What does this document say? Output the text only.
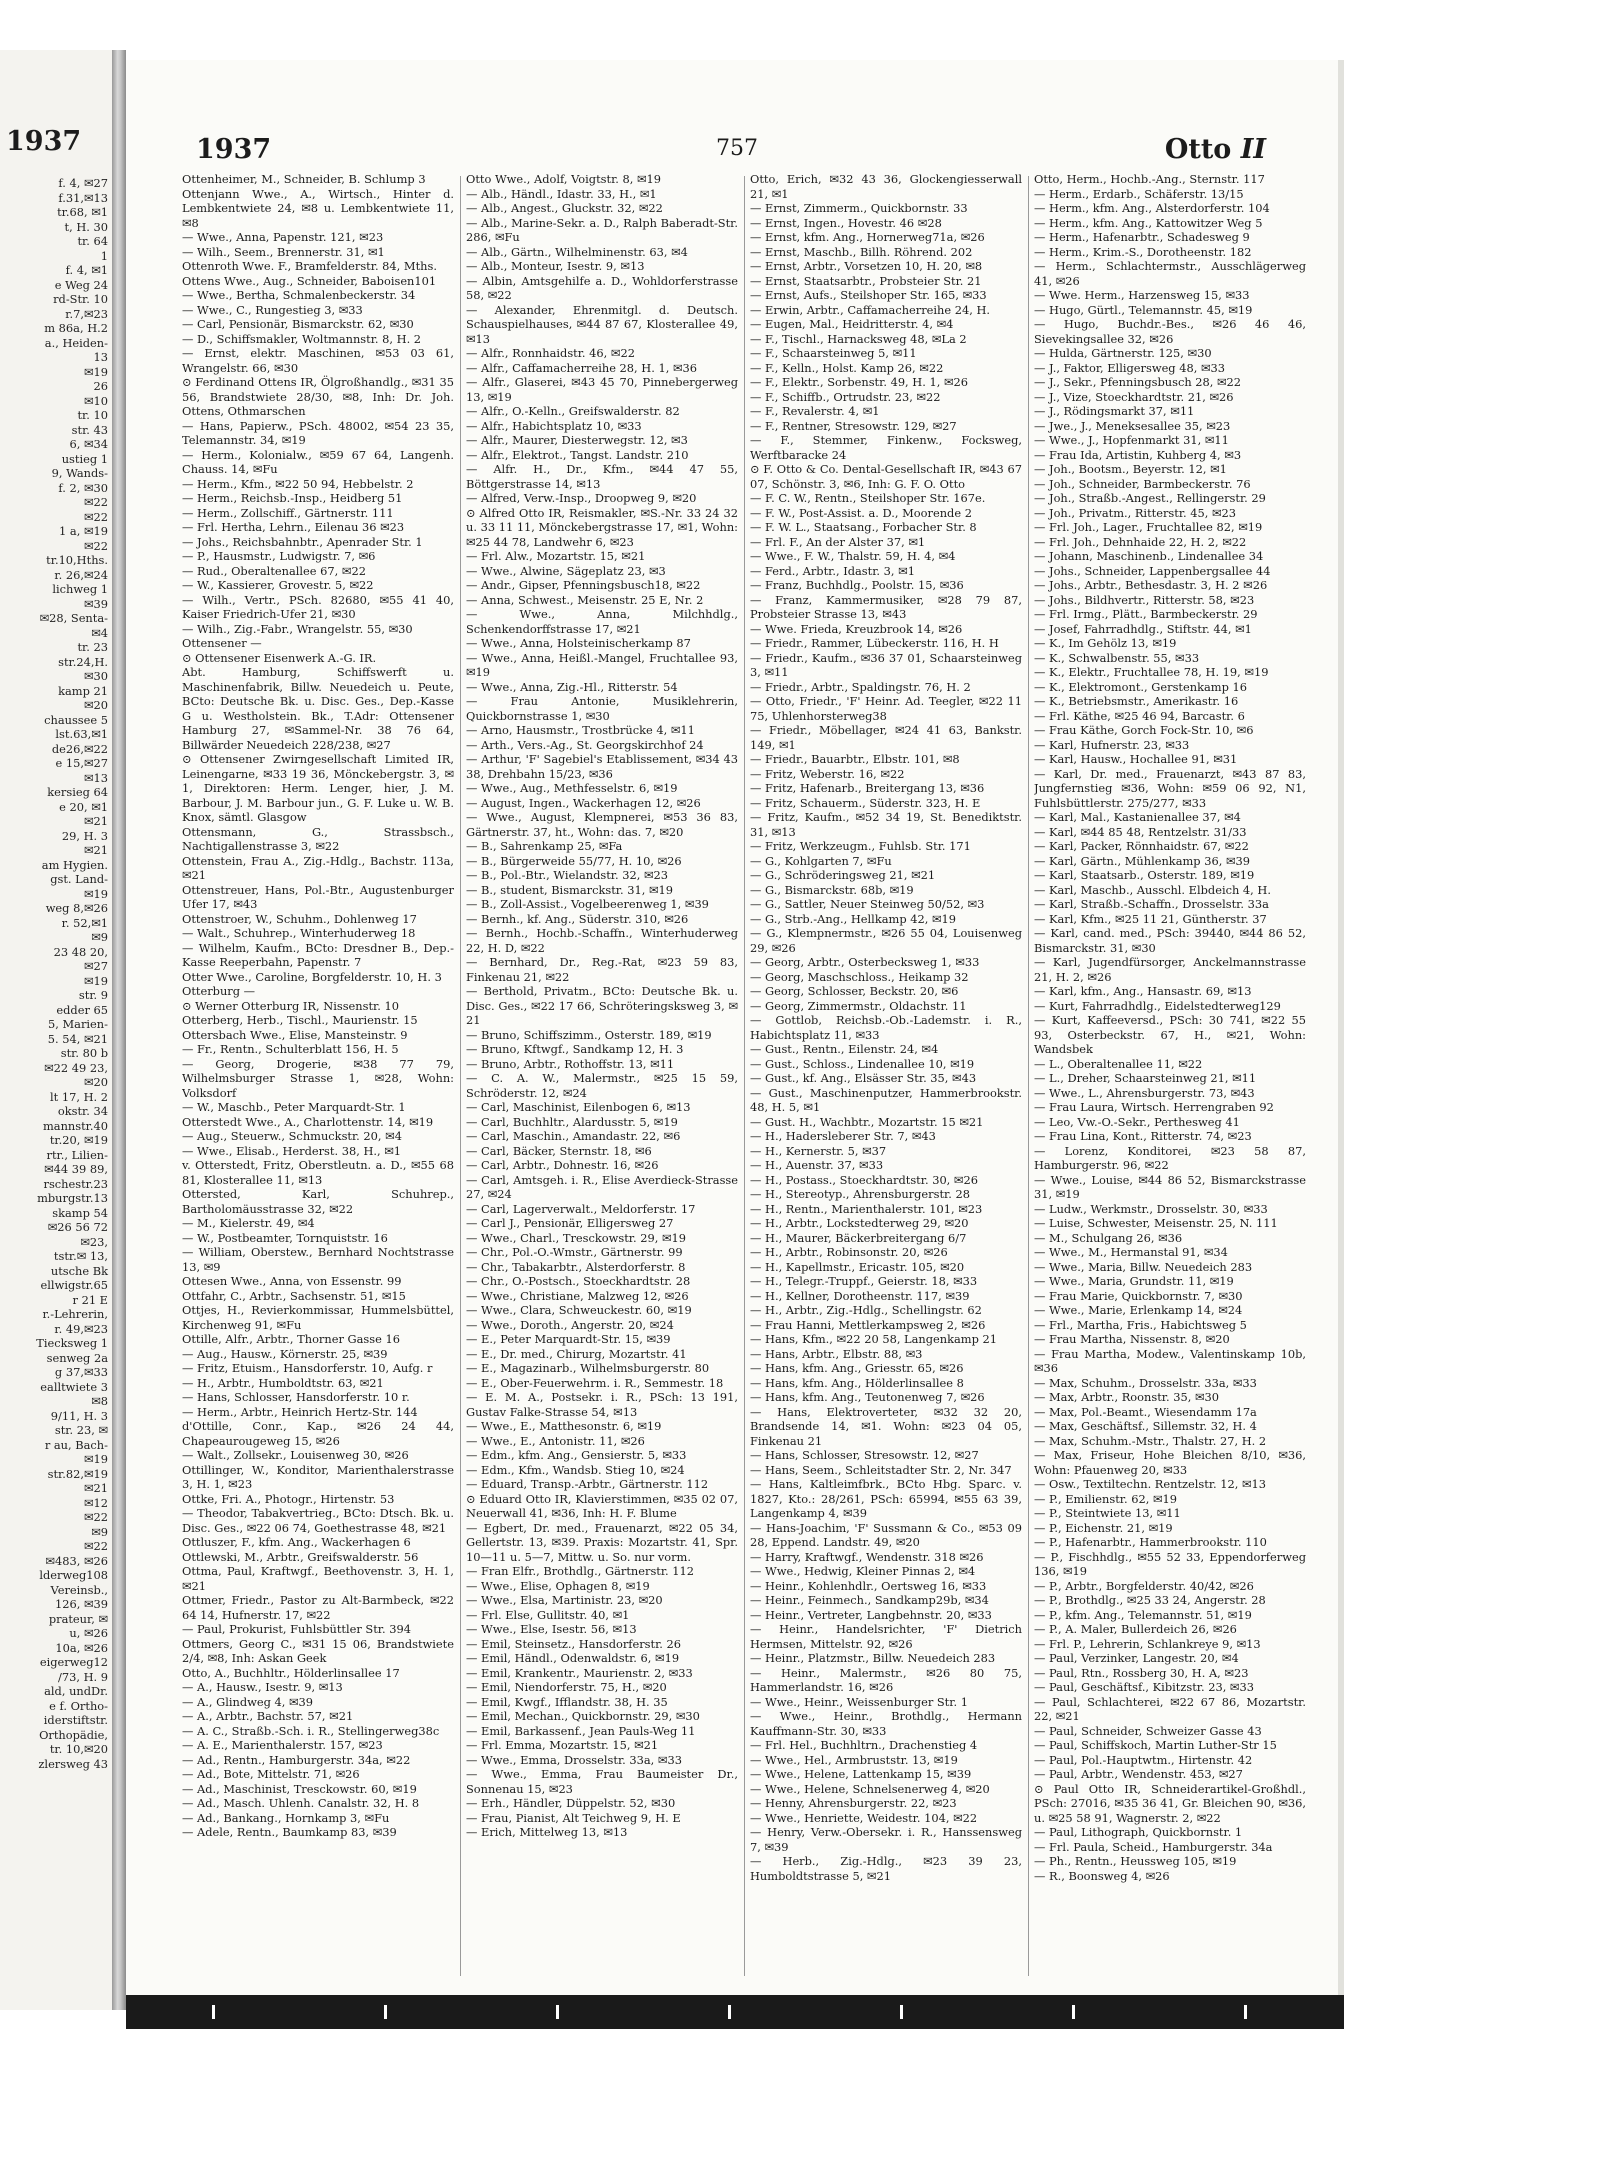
1937
f. 4, ✉27
f.31,✉13
tr.68, ✉1
t, H. 30
tr. 64
1
f. 4, ✉1
e Weg 24
rd-Str. 10
r.7,✉23
m 86a, H.2
a., Heiden-
13
✉19
26
✉10
tr. 10
str. 43
6, ✉34
ustieg 1
9, Wands-
f. 2, ✉30
✉22
✉22
1 a, ✉19
✉22
tr.10,Hths.
r. 26,✉24
lichweg 1
✉39
✉28, Senta-
✉4
tr. 23
str.24,H.
✉30
kamp 21
✉20
chaussee 5
lst.63,✉1
de26,✉22
e 15,✉27
✉13
kersieg 64
e 20, ✉1
✉21
29, H. 3
✉21
am Hygien.
gst. Land-
✉19
weg 8,✉26
r. 52,✉1
✉9
23 48 20,
✉27
✉19
str. 9
edder 65
5, Marien-
5. 54, ✉21
str. 80 b
✉22 49 23,
✉20
lt 17, H. 2
okstr. 34
mannstr.40
tr.20, ✉19
rtr., Lilien-
✉44 39 89,
rschestr.23
mburgstr.13
skamp 54
✉26 56 72
✉23,
tstr.✉ 13,
utsche Bk
ellwigstr.65
r 21 E
r.-Lehrerin,
r. 49,✉23
Tiecksweg 1
senweg 2a
g 37,✉33
ealltwiete 3
✉8
9/11, H. 3
str. 23, ✉
r au, Bach-
✉19
str.82,✉19
✉21
✉12
✉22
✉9
✉22
✉483, ✉26
lderweg108
Vereinsb.,
126, ✉39
prateur, ✉
u, ✉26
10a, ✉26
eigerweg12
/73, H. 9
ald, undDr.
e f. Ortho-
iderstiftstr.
Orthopädie,
tr. 10,✉20
zlersweg 43
1937	757	Otto II

Ottenheimer, M., Schneider, B. Schlump 3

Ottenjann Wwe., A., Wirtsch., Hinter d. Lembkentwiete 24, ✉8 u. Lembkentwiete 11, ✉8

— Wwe., Anna, Papenstr. 121, ✉23

— Wilh., Seem., Brennerstr. 31, ✉1

Ottenroth Wwe. F., Bramfelderstr. 84, Mths.

Ottens Wwe., Aug., Schneider, Baboisen101

— Wwe., Bertha, Schmalenbeckerstr. 34

— Wwe., C., Rungestieg 3, ✉33

— Carl, Pensionär, Bismarckstr. 62, ✉30

— D., Schiffsmakler, Woltmannstr. 8, H. 2

— Ernst, elektr. Maschinen, ✉53 03 61, Wrangelstr. 66, ✉30

⊙ Ferdinand Ottens IR, Ölgroßhandlg., ✉31 35 56, Brandstwiete 28/30, ✉8, Inh: Dr. Joh. Ottens, Othmarschen

— Hans, Papierw., PSch. 48002, ✉54 23 35, Telemannstr. 34, ✉19

— Herm., Kolonialw., ✉59 67 64, Langenh. Chauss. 14, ✉Fu

— Herm., Kfm., ✉22 50 94, Hebbelstr. 2

— Herm., Reichsb.-Insp., Heidberg 51

— Herm., Zollschiff., Gärtnerstr. 111

— Frl. Hertha, Lehrn., Eilenau 36 ✉23

— Johs., Reichsbahnbtr., Apenrader Str. 1

— P., Hausmstr., Ludwigstr. 7, ✉6

— Rud., Oberaltenallee 67, ✉22

— W., Kassierer, Grovestr. 5, ✉22

— Wilh., Vertr., PSch. 82680, ✉55 41 40, Kaiser Friedrich-Ufer 21, ✉30

— Wilh., Zig.-Fabr., Wrangelstr. 55, ✉30

Ottensener —

⊙ Ottensener Eisenwerk A.-G. IR.

Abt. Hamburg, Schiffswerft u. Maschinenfabrik, Billw. Neuedeich u. Peute, BCto: Deutsche Bk. u. Disc. Ges., Dep.-Kasse G u. Westholstein. Bk., T.Adr: Ottensener Hamburg 27, ✉Sammel-Nr. 38 76 64, Billwärder Neuedeich 228/238, ✉27

⊙ Ottensener Zwirngesellschaft Limited IR, Leinengarne, ✉33 19 36, Mönckebergstr. 3, ✉1, Direktoren: Herm. Lenger, hier, J. M. Barbour, J. M. Barbour jun., G. F. Luke u. W. B. Knox, sämtl. Glasgow

Ottensmann, G., Strassbsch., Nachtigallenstrasse 3, ✉22

Ottenstein, Frau A., Zig.-Hdlg., Bachstr. 113a, ✉21

Ottenstreuer, Hans, Pol.-Btr., Augustenburger Ufer 17, ✉43

Ottenstroer, W., Schuhm., Dohlenweg 17

— Walt., Schuhrep., Winterhuderweg 18

— Wilhelm, Kaufm., BCto: Dresdner B., Dep.-Kasse Reeperbahn, Papenstr. 7

Otter Wwe., Caroline, Borgfelderstr. 10, H. 3

Otterburg —

⊙ Werner Otterburg IR, Nissenstr. 10

Otterberg, Herb., Tischl., Maurienstr. 15

Ottersbach Wwe., Elise, Mansteinstr. 9

— Fr., Rentn., Schulterblatt 156, H. 5

— Georg, Drogerie, ✉38 77 79, Wilhelmsburger Strasse 1, ✉28, Wohn: Volksdorf

— W., Maschb., Peter Marquardt-Str. 1

Otterstedt Wwe., A., Charlottenstr. 14, ✉19

— Aug., Steuerw., Schmuckstr. 20, ✉4

— Wwe., Elisab., Herderst. 38, H., ✉1

v. Otterstedt, Fritz, Oberstleutn. a. D., ✉55 68 81, Klosterallee 11, ✉13

Ottersted, Karl, Schuhrep., Bartholomäusstrasse 32, ✉22

— M., Kielerstr. 49, ✉4

— W., Postbeamter, Tornquiststr. 16

— William, Oberstew., Bernhard Nochtstrasse 13, ✉9

Ottesen Wwe., Anna, von Essenstr. 99

Ottfahr, C., Arbtr., Sachsenstr. 51, ✉15

Ottjes, H., Revierkommissar, Hummelsbüttel, Kirchenweg 91, ✉Fu

Ottille, Alfr., Arbtr., Thorner Gasse 16

— Aug., Hausw., Körnerstr. 25, ✉39

— Fritz, Etuism., Hansdorferstr. 10, Aufg. r

— H., Arbtr., Humboldtstr. 63, ✉21

— Hans, Schlosser, Hansdorferstr. 10 r.

— Herm., Arbtr., Heinrich Hertz-Str. 144

d'Ottille, Conr., Kap., ✉26 24 44, Chapeaurougeweg 15, ✉26

— Walt., Zollsekr., Louisenweg 30, ✉26

Ottillinger, W., Konditor, Marienthalerstrasse 3, H. 1, ✉23

Ottke, Fri. A., Photogr., Hirtenstr. 53

— Theodor, Tabakvertrieg., BCto: Dtsch. Bk. u. Disc. Ges., ✉22 06 74, Goethestrasse 48, ✉21

Ottluszer, F., kfm. Ang., Wackerhagen 6

Ottlewski, M., Arbtr., Greifswalderstr. 56

Ottma, Paul, Kraftwgf., Beethovenstr. 3, H. 1, ✉21

Ottmer, Friedr., Pastor zu Alt-Barmbeck, ✉22 64 14, Hufnerstr. 17, ✉22

— Paul, Prokurist, Fuhlsbüttler Str. 394

Ottmers, Georg C., ✉31 15 06, Brandstwiete 2/4, ✉8, Inh: Askan Geek

Otto, A., Buchhltr., Hölderlinsallee 17

— A., Hausw., Isestr. 9, ✉13

— A., Glindweg 4, ✉39

— A., Arbtr., Bachstr. 57, ✉21

— A. C., Straßb.-Sch. i. R., Stellingerweg38c

— A. E., Marienthalerstr. 157, ✉23

— Ad., Rentn., Hamburgerstr. 34a, ✉22

— Ad., Bote, Mittelstr. 71, ✉26

— Ad., Maschinist, Tresckowstr. 60, ✉19

— Ad., Masch. Uhlenh. Canalstr. 32, H. 8

— Ad., Bankang., Hornkamp 3, ✉Fu

— Adele, Rentn., Baumkamp 83, ✉39

Otto Wwe., Adolf, Voigtstr. 8, ✉19

— Alb., Händl., Idastr. 33, H., ✉1

— Alb., Angest., Gluckstr. 32, ✉22

— Alb., Marine-Sekr. a. D., Ralph Baberadt-Str. 286, ✉Fu

— Alb., Gärtn., Wilhelminenstr. 63, ✉4

— Alb., Monteur, Isestr. 9, ✉13

— Albin, Amtsgehilfe a. D., Wohldorferstrasse 58, ✉22

— Alexander, Ehrenmitgl. d. Deutsch. Schauspielhauses, ✉44 87 67, Klosterallee 49, ✉13

— Alfr., Ronnhaidstr. 46, ✉22

— Alfr., Caffamacherreihe 28, H. 1, ✉36

— Alfr., Glaserei, ✉43 45 70, Pinnebergerweg 13, ✉19

— Alfr., O.-Kelln., Greifswalderstr. 82

— Alfr., Habichtsplatz 10, ✉33

— Alfr., Maurer, Diesterwegstr. 12, ✉3

— Alfr., Elektrot., Tangst. Landstr. 210

— Alfr. H., Dr., Kfm., ✉44 47 55, Böttgerstrasse 14, ✉13

— Alfred, Verw.-Insp., Droopweg 9, ✉20

⊙ Alfred Otto IR, Reismakler, ✉S.-Nr. 33 24 32 u. 33 11 11, Mönckebergstrasse 17, ✉1, Wohn: ✉25 44 78, Landwehr 6, ✉23

— Frl. Alw., Mozartstr. 15, ✉21

— Wwe., Alwine, Sägeplatz 23, ✉3

— Andr., Gipser, Pfenningsbusch18, ✉22

— Anna, Schwest., Meisenstr. 25 E, Nr. 2

— Wwe., Anna, Milchhdlg., Schenkendorffstrasse 17, ✉21

— Wwe., Anna, Holsteinischerkamp 87

— Wwe., Anna, Heißl.-Mangel, Fruchtallee 93, ✉19

— Wwe., Anna, Zig.-Hl., Ritterstr. 54

— Frau Antonie, Musiklehrerin, Quickbornstrasse 1, ✉30

— Arno, Hausmstr., Trostbrücke 4, ✉11

— Arth., Vers.-Ag., St. Georgskirchhof 24

— Arthur, 'F' Sagebiel's Etablissement, ✉34 43 38, Drehbahn 15/23, ✉36

— Wwe., Aug., Methfesselstr. 6, ✉19

— August, Ingen., Wackerhagen 12, ✉26

— Wwe., August, Klempnerei, ✉53 36 83, Gärtnerstr. 37, ht., Wohn: das. 7, ✉20

— B., Sahrenkamp 25, ✉Fa

— B., Bürgerweide 55/77, H. 10, ✉26

— B., Pol.-Btr., Wielandstr. 32, ✉23

— B., student, Bismarckstr. 31, ✉19

— B., Zoll-Assist., Vogelbeerenweg 1, ✉39

— Bernh., kf. Ang., Süderstr. 310, ✉26

— Bernh., Hochb.-Schaffn., Winterhuderweg 22, H. D, ✉22

— Bernhard, Dr., Reg.-Rat, ✉23 59 83, Finkenau 21, ✉22

— Berthold, Privatm., BCto: Deutsche Bk. u. Disc. Ges., ✉22 17 66, Schröteringsksweg 3, ✉21

— Bruno, Schiffszimm., Osterstr. 189, ✉19

— Bruno, Kftwgf., Sandkamp 12, H. 3

— Bruno, Arbtr., Rothoffstr. 13, ✉11

— C. A. W., Malermstr., ✉25 15 59, Schröderstr. 12, ✉24

— Carl, Maschinist, Eilenbogen 6, ✉13

— Carl, Buchhltr., Alardusstr. 5, ✉19

— Carl, Maschin., Amandastr. 22, ✉6

— Carl, Bäcker, Sternstr. 18, ✉6

— Carl, Arbtr., Dohnestr. 16, ✉26

— Carl, Amtsgeh. i. R., Elise Averdieck-Strasse 27, ✉24

— Carl, Lagerverwalt., Meldorferstr. 17

— Carl J., Pensionär, Elligersweg 27

— Wwe., Charl., Tresckowstr. 29, ✉19

— Chr., Pol.-O.-Wmstr., Gärtnerstr. 99

— Chr., Tabakarbtr., Alsterdorferstr. 8

— Chr., O.-Postsch., Stoeckhardtstr. 28

— Wwe., Christiane, Malzweg 12, ✉26

— Wwe., Clara, Schweuckestr. 60, ✉19

— Wwe., Doroth., Angerstr. 20, ✉24

— E., Peter Marquardt-Str. 15, ✉39

— E., Dr. med., Chirurg, Mozartstr. 41

— E., Magazinarb., Wilhelmsburgerstr. 80

— E., Ober-Feuerwehrm. i. R., Semmestr. 18

— E. M. A., Postsekr. i. R., PSch: 13 191, Gustav Falke-Strasse 54, ✉13

— Wwe., E., Matthesonstr. 6, ✉19

— Wwe., E., Antonistr. 11, ✉26

— Edm., kfm. Ang., Gensierstr. 5, ✉33

— Edm., Kfm., Wandsb. Stieg 10, ✉24

— Eduard, Transp.-Arbtr., Gärtnerstr. 112

⊙ Eduard Otto IR, Klavierstimmen, ✉35 02 07, Neuerwall 41, ✉36, Inh: H. F. Blume

— Egbert, Dr. med., Frauenarzt, ✉22 05 34, Gellertstr. 13, ✉39. Praxis: Mozartstr. 41, Spr. 10—11 u. 5—7, Mittw. u. So. nur vorm.

— Fran Elfr., Brothdlg., Gärtnerstr. 112

— Wwe., Elise, Ophagen 8, ✉19

— Wwe., Elsa, Martinistr. 23, ✉20

— Frl. Else, Gullitstr. 40, ✉1

— Wwe., Else, Isestr. 56, ✉13

— Emil, Steinsetz., Hansdorferstr. 26

— Emil, Händl., Odenwaldstr. 6, ✉19

— Emil, Krankentr., Maurienstr. 2, ✉33

— Emil, Niendorferstr. 75, H., ✉20

— Emil, Kwgf., Ifflandstr. 38, H. 35

— Emil, Mechan., Quickbornstr. 29, ✉30

— Emil, Barkassenf., Jean Pauls-Weg 11

— Frl. Emma, Mozartstr. 15, ✉21

— Wwe., Emma, Drosselstr. 33a, ✉33

— Wwe., Emma, Frau Baumeister Dr., Sonnenau 15, ✉23

— Erh., Händler, Düppelstr. 52, ✉30

— Frau, Pianist, Alt Teichweg 9, H. E

— Erich, Mittelweg 13, ✉13

Otto, Erich, ✉32 43 36, Glockengiesserwall 21, ✉1

— Ernst, Zimmerm., Quickbornstr. 33

— Ernst, Ingen., Hovestr. 46 ✉28

— Ernst, kfm. Ang., Hornerweg71a, ✉26

— Ernst, Maschb., Billh. Röhrend. 202

— Ernst, Arbtr., Vorsetzen 10, H. 20, ✉8

— Ernst, Staatsarbtr., Probsteier Str. 21

— Ernst, Aufs., Steilshoper Str. 165, ✉33

— Erwin, Arbtr., Caffamacherreihe 24, H.

— Eugen, Mal., Heidritterstr. 4, ✉4

— F., Tischl., Harnacksweg 48, ✉La 2

— F., Schaarsteinweg 5, ✉11

— F., Kelln., Holst. Kamp 26, ✉22

— F., Elektr., Sorbenstr. 49, H. 1, ✉26

— F., Schiffb., Ortrudstr. 23, ✉22

— F., Revalerstr. 4, ✉1

— F., Rentner, Stresowstr. 129, ✉27

— F., Stemmer, Finkenw., Focksweg, Werftbaracke 24

⊙ F. Otto & Co. Dental-Gesellschaft IR, ✉43 67 07, Schönstr. 3, ✉6, Inh: G. F. O. Otto

— F. C. W., Rentn., Steilshoper Str. 167e.

— F. W., Post-Assist. a. D., Moorende 2

— F. W. L., Staatsang., Forbacher Str. 8

— Frl. F., An der Alster 37, ✉1

— Wwe., F. W., Thalstr. 59, H. 4, ✉4

— Ferd., Arbtr., Idastr. 3, ✉1

— Franz, Buchhdlg., Poolstr. 15, ✉36

— Franz, Kammermusiker, ✉28 79 87, Probsteier Strasse 13, ✉43

— Wwe. Frieda, Kreuzbrook 14, ✉26

— Friedr., Rammer, Lübeckerstr. 116, H. H

— Friedr., Kaufm., ✉36 37 01, Schaarsteinweg 3, ✉11

— Friedr., Arbtr., Spaldingstr. 76, H. 2

— Otto, Friedr., 'F' Heinr. Ad. Teegler, ✉22 11 75, Uhlenhorsterweg38

— Friedr., Möbellager, ✉24 41 63, Bankstr. 149, ✉1

— Friedr., Bauarbtr., Elbstr. 101, ✉8

— Fritz, Weberstr. 16, ✉22

— Fritz, Hafenarb., Breitergang 13, ✉36

— Fritz, Schauerm., Süderstr. 323, H. E

— Fritz, Kaufm., ✉52 34 19, St. Benediktstr. 31, ✉13

— Fritz, Werkzeugm., Fuhlsb. Str. 171

— G., Kohlgarten 7, ✉Fu

— G., Schröderingsweg 21, ✉21

— G., Bismarckstr. 68b, ✉19

— G., Sattler, Neuer Steinweg 50/52, ✉3

— G., Strb.-Ang., Hellkamp 42, ✉19

— G., Klempnermstr., ✉26 55 04, Louisenweg 29, ✉26

— Georg, Arbtr., Osterbecksweg 1, ✉33

— Georg, Maschschloss., Heikamp 32

— Georg, Schlosser, Beckstr. 20, ✉6

— Georg, Zimmermstr., Oldachstr. 11

— Gottlob, Reichsb.-Ob.-Lademstr. i. R., Habichtsplatz 11, ✉33

— Gust., Rentn., Eilenstr. 24, ✉4

— Gust., Schloss., Lindenallee 10, ✉19

— Gust., kf. Ang., Elsässer Str. 35, ✉43

— Gust., Maschinenputzer, Hammerbrookstr. 48, H. 5, ✉1

— Gust. H., Wachbtr., Mozartstr. 15 ✉21

— H., Hadersleberer Str. 7, ✉43

— H., Kernerstr. 5, ✉37

— H., Auenstr. 37, ✉33

— H., Postass., Stoeckhardtstr. 30, ✉26

— H., Stereotyp., Ahrensburgerstr. 28

— H., Rentn., Marienthalerstr. 101, ✉23

— H., Arbtr., Lockstedterweg 29, ✉20

— H., Maurer, Bäckerbreitergang 6/7

— H., Arbtr., Robinsonstr. 20, ✉26

— H., Kapellmstr., Ericastr. 105, ✉20

— H., Telegr.-Truppf., Geierstr. 18, ✉33

— H., Kellner, Dorotheenstr. 117, ✉39

— H., Arbtr., Zig.-Hdlg., Schellingstr. 62

— Frau Hanni, Mettlerkampsweg 2, ✉26

— Hans, Kfm., ✉22 20 58, Langenkamp 21

— Hans, Arbtr., Elbstr. 88, ✉3

— Hans, kfm. Ang., Griesstr. 65, ✉26

— Hans, kfm. Ang., Hölderlinsallee 8

— Hans, kfm. Ang., Teutonenweg 7, ✉26

— Hans, Elektroverteter, ✉32 32 20, Brandsende 14, ✉1. Wohn: ✉23 04 05, Finkenau 21

— Hans, Schlosser, Stresowstr. 12, ✉27

— Hans, Seem., Schleitstadter Str. 2, Nr. 347

— Hans, Kaltleimfbrk., BCto Hbg. Sparc. v. 1827, Kto.: 28/261, PSch: 65994, ✉55 63 39, Langenkamp 4, ✉39

— Hans-Joachim, 'F' Sussmann & Co., ✉53 09 28, Eppend. Landstr. 49, ✉20

— Harry, Kraftwgf., Wendenstr. 318 ✉26

— Wwe., Hedwig, Kleiner Pinnas 2, ✉4

— Heinr., Kohlenhdlr., Oertsweg 16, ✉33

— Heinr., Feinmech., Sandkamp29b, ✉34

— Heinr., Vertreter, Langbehnstr. 20, ✉33

— Heinr., Handelsrichter, 'F' Dietrich Hermsen, Mittelstr. 92, ✉26

— Heinr., Platzmstr., Billw. Neuedeich 283

— Heinr., Malermstr., ✉26 80 75, Hammerlandstr. 16, ✉26

— Wwe., Heinr., Weissenburger Str. 1

— Wwe., Heinr., Brothdlg., Hermann Kauffmann-Str. 30, ✉33

— Frl. Hel., Buchhltrn., Drachenstieg 4

— Wwe., Hel., Armbruststr. 13, ✉19

— Wwe., Helene, Lattenkamp 15, ✉39

— Wwe., Helene, Schnelsenerweg 4, ✉20

— Henny, Ahrensburgerstr. 22, ✉23

— Wwe., Henriette, Weidestr. 104, ✉22

— Henry, Verw.-Obersekr. i. R., Hanssensweg 7, ✉39

— Herb., Zig.-Hdlg., ✉23 39 23, Humboldtstrasse 5, ✉21

Otto, Herm., Hochb.-Ang., Sternstr. 117

— Herm., Erdarb., Schäferstr. 13/15

— Herm., kfm. Ang., Alsterdorferstr. 104

— Herm., kfm. Ang., Kattowitzer Weg 5

— Herm., Hafenarbtr., Schadesweg 9

— Herm., Krim.-S., Dorotheenstr. 182

— Herm., Schlachtermstr., Ausschlägerweg 41, ✉26

— Wwe. Herm., Harzensweg 15, ✉33

— Hugo, Gürtl., Telemannstr. 45, ✉19

— Hugo, Buchdr.-Bes., ✉26 46 46, Sievekingsallee 32, ✉26

— Hulda, Gärtnerstr. 125, ✉30

— J., Faktor, Elligersweg 48, ✉33

— J., Sekr., Pfenningsbusch 28, ✉22

— J., Vize, Stoeckhardtstr. 21, ✉26

— J., Rödingsmarkt 37, ✉11

— Jwe., J., Meneksesallee 35, ✉23

— Wwe., J., Hopfenmarkt 31, ✉11

— Frau Ida, Artistin, Kuhberg 4, ✉3

— Joh., Bootsm., Beyerstr. 12, ✉1

— Joh., Schneider, Barmbeckerstr. 76

— Joh., Straßb.-Angest., Rellingerstr. 29

— Joh., Privatm., Ritterstr. 45, ✉23

— Frl. Joh., Lager., Fruchtallee 82, ✉19

— Frl. Joh., Dehnhaide 22, H. 2, ✉22

— Johann, Maschinenb., Lindenallee 34

— Johs., Schneider, Lappenbergsallee 44

— Johs., Arbtr., Bethesdastr. 3, H. 2 ✉26

— Johs., Bildhvertr., Ritterstr. 58, ✉23

— Frl. Irmg., Plätt., Barmbeckerstr. 29

— Josef, Fahrradhdlg., Stiftstr. 44, ✉1

— K., Im Gehölz 13, ✉19

— K., Schwalbenstr. 55, ✉33

— K., Elektr., Fruchtallee 78, H. 19, ✉19

— K., Elektromont., Gerstenkamp 16

— K., Betriebsmstr., Amerikastr. 16

— Frl. Käthe, ✉25 46 94, Barcastr. 6

— Frau Käthe, Gorch Fock-Str. 10, ✉6

— Karl, Hufnerstr. 23, ✉33

— Karl, Hausw., Hochallee 91, ✉31

— Karl, Dr. med., Frauenarzt, ✉43 87 83, Jungfernstieg ✉36, Wohn: ✉59 06 92, N1, Fuhlsbüttlerstr. 275/277, ✉33

— Karl, Mal., Kastanienallee 37, ✉4

— Karl, ✉44 85 48, Rentzelstr. 31/33

— Karl, Packer, Rönnhaidstr. 67, ✉22

— Karl, Gärtn., Mühlenkamp 36, ✉39

— Karl, Staatsarb., Osterstr. 189, ✉19

— Karl, Maschb., Ausschl. Elbdeich 4, H.

— Karl, Straßb.-Schaffn., Drosselstr. 33a

— Karl, Kfm., ✉25 11 21, Güntherstr. 37

— Karl, cand. med., PSch: 39440, ✉44 86 52, Bismarckstr. 31, ✉30

— Karl, Jugendfürsorger, Anckelmannstrasse 21, H. 2, ✉26

— Karl, kfm., Ang., Hansastr. 69, ✉13

— Kurt, Fahrradhdlg., Eidelstedterweg129

— Kurt, Kaffeeversd., PSch: 30 741, ✉22 55 93, Osterbeckstr. 67, H., ✉21, Wohn: Wandsbek

— L., Oberaltenallee 11, ✉22

— L., Dreher, Schaarsteinweg 21, ✉11

— Wwe., L., Ahrensburgerstr. 73, ✉43

— Frau Laura, Wirtsch. Herrengraben 92

— Leo, Vw.-O.-Sekr., Perthesweg 41

— Frau Lina, Kont., Ritterstr. 74, ✉23

— Lorenz, Konditorei, ✉23 58 87, Hamburgerstr. 96, ✉22

— Wwe., Louise, ✉44 86 52, Bismarckstrasse 31, ✉19

— Ludw., Werkmstr., Drosselstr. 30, ✉33

— Luise, Schwester, Meisenstr. 25, N. 111

— M., Schulgang 26, ✉36

— Wwe., M., Hermanstal 91, ✉34

— Wwe., Maria, Billw. Neuedeich 283

— Wwe., Maria, Grundstr. 11, ✉19

— Frau Marie, Quickbornstr. 7, ✉30

— Wwe., Marie, Erlenkamp 14, ✉24

— Frl., Martha, Fris., Habichtsweg 5

— Frau Martha, Nissenstr. 8, ✉20

— Frau Martha, Modew., Valentinskamp 10b, ✉36

— Max, Schuhm., Drosselstr. 33a, ✉33

— Max, Arbtr., Roonstr. 35, ✉30

— Max, Pol.-Beamt., Wiesendamm 17a

— Max, Geschäftsf., Sillemstr. 32, H. 4

— Max, Schuhm.-Mstr., Thalstr. 27, H. 2

— Max, Friseur, Hohe Bleichen 8/10, ✉36, Wohn: Pfauenweg 20, ✉33

— Osw., Textiltechn. Rentzelstr. 12, ✉13

— P., Emilienstr. 62, ✉19

— P., Steintwiete 13, ✉11

— P., Eichenstr. 21, ✉19

— P., Hafenarbtr., Hammerbrookstr. 110

— P., Fischhdlg., ✉55 52 33, Eppendorferweg 136, ✉19

— P., Arbtr., Borgfelderstr. 40/42, ✉26

— P., Brothdlg., ✉25 33 24, Angerstr. 28

— P., kfm. Ang., Telemannstr. 51, ✉19

— P., A. Maler, Bullerdeich 26, ✉26

— Frl. P., Lehrerin, Schlankreye 9, ✉13

— Paul, Verzinker, Langestr. 20, ✉4

— Paul, Rtn., Rossberg 30, H. A, ✉23

— Paul, Geschäftsf., Kibitzstr. 23, ✉33

— Paul, Schlachterei, ✉22 67 86, Mozartstr. 22, ✉21

— Paul, Schneider, Schweizer Gasse 43

— Paul, Schiffskoch, Martin Luther-Str 15

— Paul, Pol.-Hauptwtm., Hirtenstr. 42

— Paul, Arbtr., Wendenstr. 453, ✉27

⊙ Paul Otto IR, Schneiderartikel-Großhdl., PSch: 27016, ✉35 36 41, Gr. Bleichen 90, ✉36, u. ✉25 58 91, Wagnerstr. 2, ✉22

— Paul, Lithograph, Quickbornstr. 1

— Frl. Paula, Scheid., Hamburgerstr. 34a

— Ph., Rentn., Heussweg 105, ✉19

— R., Boonsweg 4, ✉26
